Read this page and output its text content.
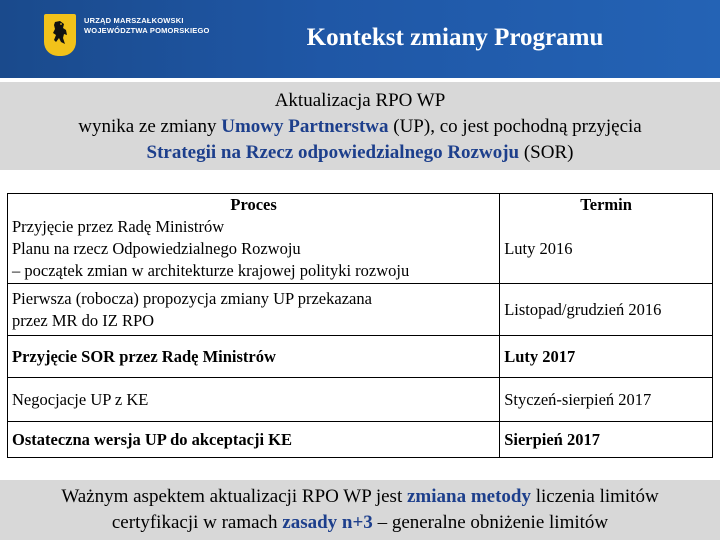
URZĄD MARSZAŁKOWSKI
WOJEWÓDZTWA POMORSKIEGO	Kontekst zmiany Programu
Aktualizacja RPO WP
wynika ze zmiany Umowy Partnerstwa (UP), co jest pochodną przyjęcia
Strategii na Rzecz odpowiedzialnego Rozwoju (SOR)
Proces	Termin

Przyjęcie przez Radę Ministrów
Planu na rzecz Odpowiedzialnego Rozwoju
– początek zmian w architekturze krajowej polityki rozwoju	Luty 2016

Pierwsza (robocza) propozycja zmiany UP przekazana
przez MR do IZ RPO	Listopad/grudzień 2016
Przyjęcie SOR przez Radę Ministrów	Luty 2017
Negocjacje UP z KE	Styczeń-sierpień 2017
Ostateczna wersja UP do akceptacji KE	Sierpień 2017
Ważnym aspektem aktualizacji RPO WP jest zmiana metody liczenia limitów
certyfikacji w ramach zasady n+3 – generalne obniżenie limitów
